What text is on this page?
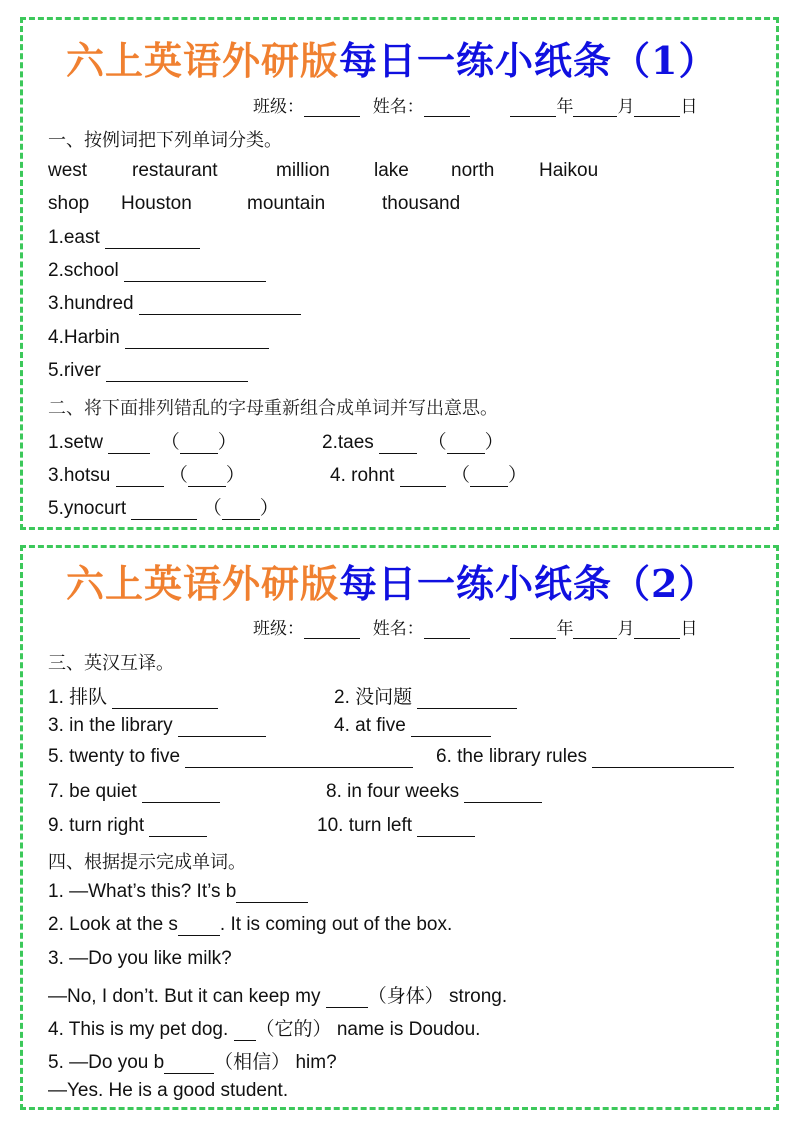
六上英语外研版每日一练小纸条（1）
班级：	姓名：	年	月	日
一、按例词把下列单词分类。
west restaurant	million lake north Haikou
shop Houston	mountain	thousand
1.east
2.school
3.hundred
4.Harbin
5.river
二、将下面排列错乱的字母重新组合成单词并写出意思。
1.setw	（ ）	2.taes	（ ）
3.hotsu	（ ）	4. rohnt	（ ）
5.ynocurt	（ ）
六上英语外研版每日一练小纸条（2）
班级：	姓名：	年	月	日
三、英汉互译。
1. 排队	2. 没问题
3. in the library	4. at five
5. twenty to five	6. the library rules
7. be quiet	8. in four weeks
9. turn right	10. turn left
四、根据提示完成单词。
1. —What’s this? It’s b
2. Look at the s . It is coming out of the box.
3. —Do you like milk?
—No, I don’t. But it can keep my （身体） strong.
4. This is my pet dog. （它的） name is Doudou.
5. —Do you b	（相信） him?
—Yes. He is a good student.
